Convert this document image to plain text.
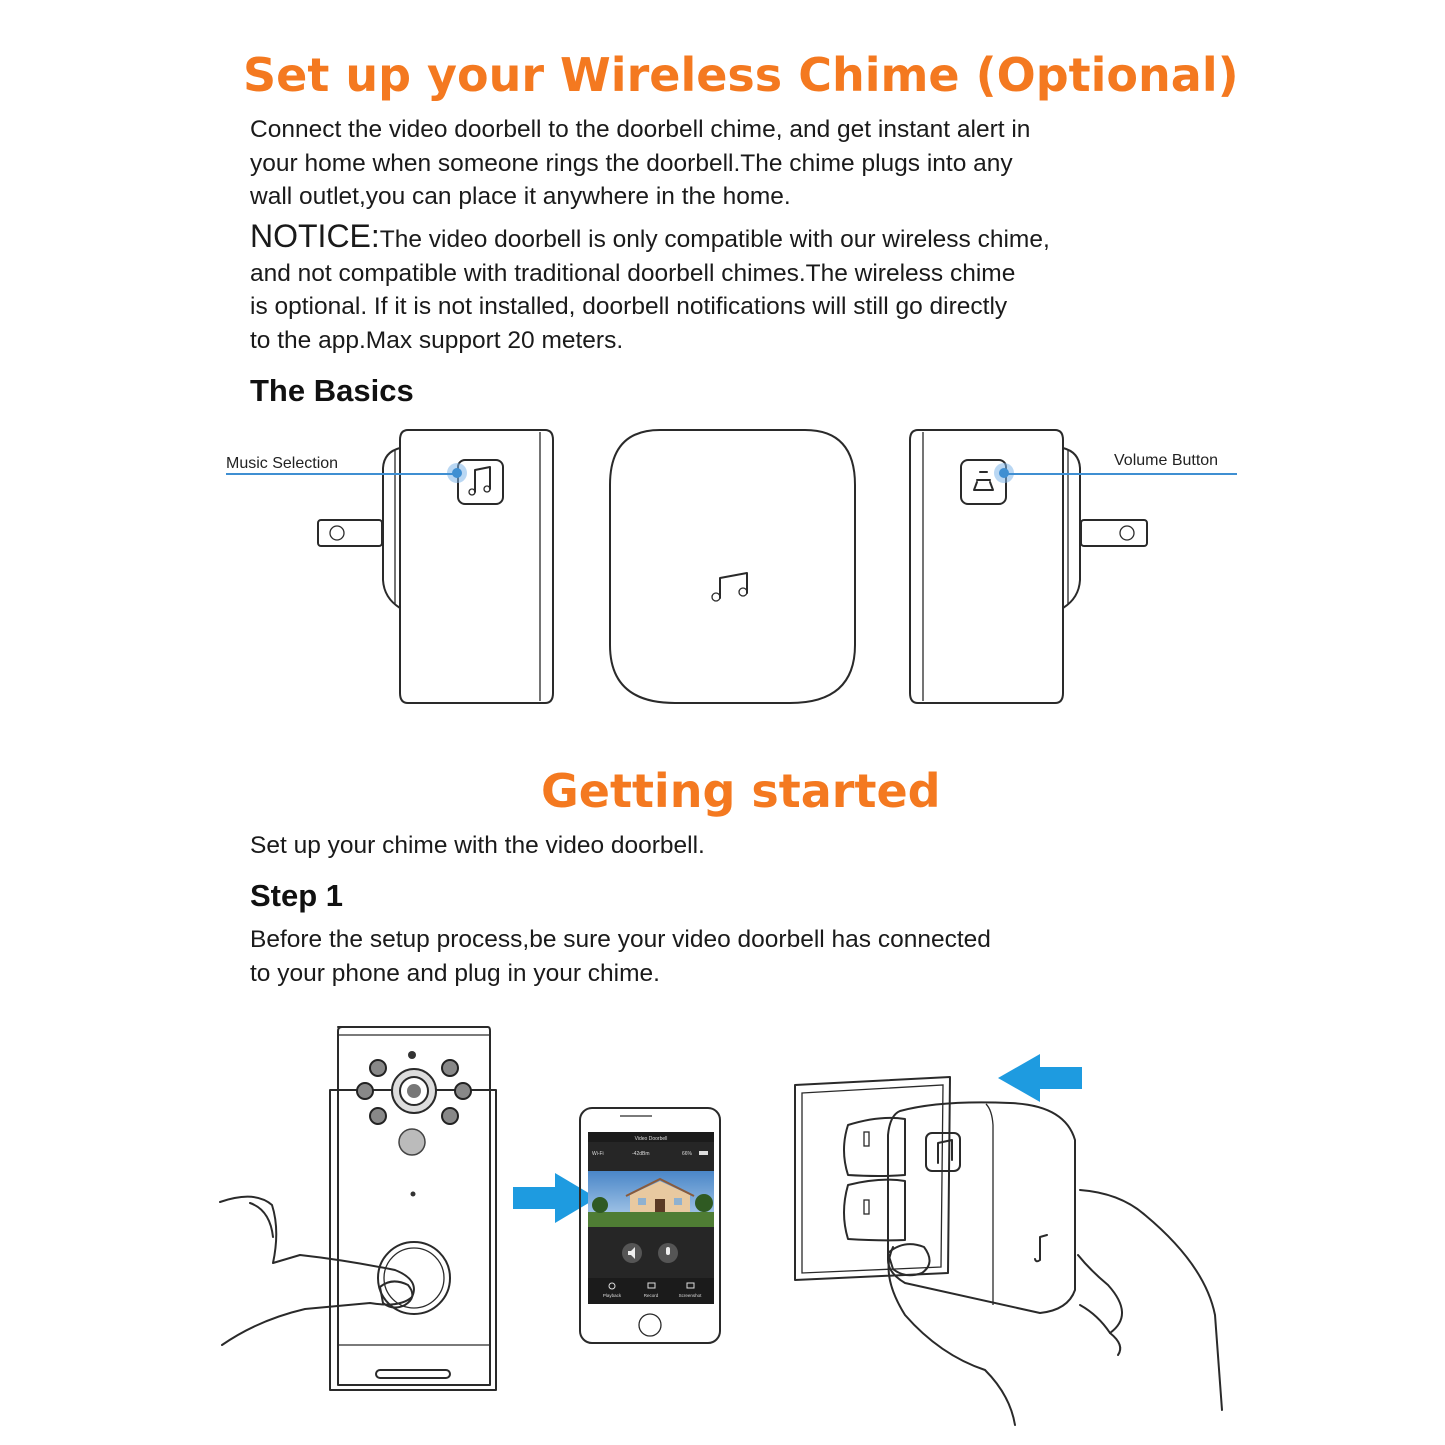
Set up your Wireless Chime (Optional)
Connect the video doorbell to the doorbell chime, and get instant alert in
your home when someone rings the doorbell.The chime plugs into any
wall outlet,you can place it anywhere in the home.
NOTICE:The video doorbell is only compatible with our wireless chime,
and not compatible with traditional doorbell chimes.The wireless chime
is optional. If it is not installed, doorbell notifications will still go directly
to the app.Max support 20 meters.
The Basics
Music Selection	Volume Button
Getting started
Set up your chime with the video doorbell.
Step 1
Before the setup process,be sure your video doorbell has connected
to your phone and plug in your chime.
Video Doorbell
Wi-Fi	-42dBm	66%
Playback	Record	Screenshot
